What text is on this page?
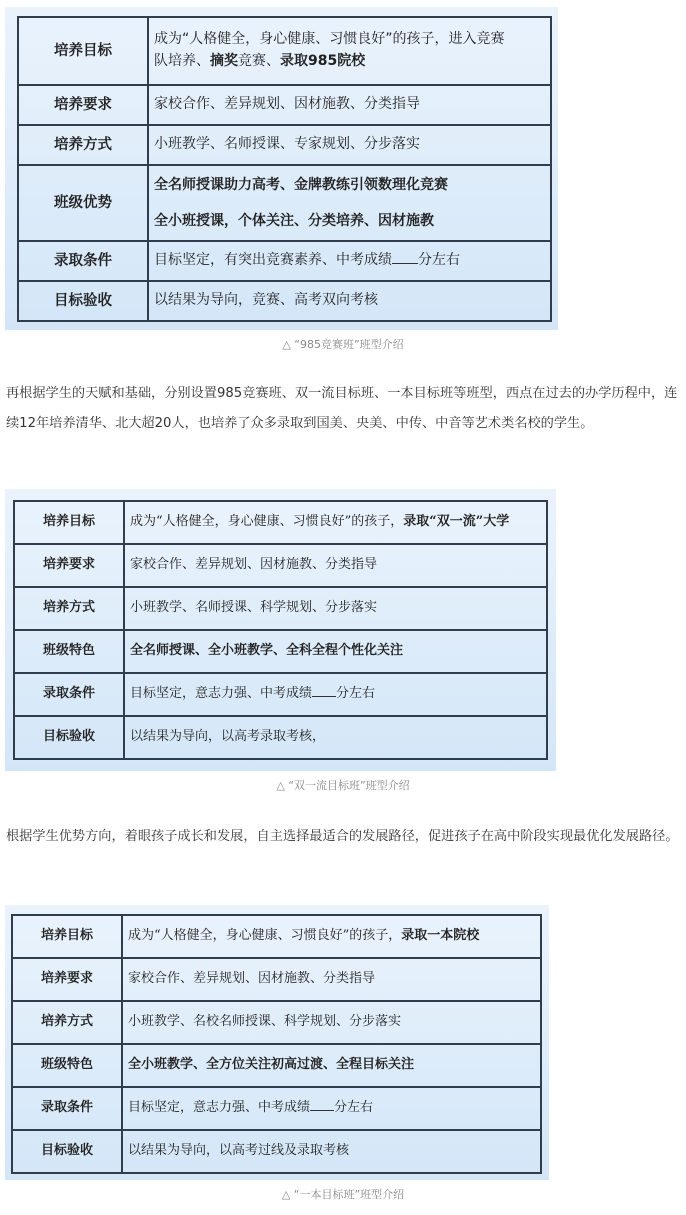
培养目标	成为“人格健全，身心健康、习惯良好”的孩子，进入竞赛
队培养、摘奖竞赛、录取985院校
培养要求	家校合作、差异规划、因材施教、分类指导
培养方式	小班教学、名师授课、专家规划、分步落实
班级优势	全名师授课助力高考、金牌教练引领数理化竞赛
全小班授课，个体关注、分类培养、因材施教
录取条件	目标坚定，有突出竞赛素养、中考成绩 分左右
目标验收	以结果为导向，竞赛、高考双向考核
△ “985竞赛班”班型介绍

再根据学生的天赋和基础，分别设置985竞赛班、双一流目标班、一本目标班等班型，西点在过去的办学历程中，连续12年培养清华、北大超20人，也培养了众多录取到国美、央美、中传、中音等艺术类名校的学生。

培养目标	成为“人格健全，身心健康、习惯良好”的孩子，录取“双一流”大学
培养要求	家校合作、差异规划、因材施教、分类指导
培养方式	小班教学、名师授课、科学规划、分步落实
班级特色	全名师授课、全小班教学、全科全程个性化关注
录取条件	目标坚定，意志力强、中考成绩 分左右
目标验收	以结果为导向，以高考录取考核，
△ “双一流目标班”班型介绍

根据学生优势方向，着眼孩子成长和发展，自主选择最适合的发展路径，促进孩子在高中阶段实现最优化发展路径。

培养目标	成为“人格健全，身心健康、习惯良好”的孩子，录取一本院校
培养要求	家校合作、差异规划、因材施教、分类指导
培养方式	小班教学、名校名师授课、科学规划、分步落实
班级特色	全小班教学、全方位关注初高过渡、全程目标关注
录取条件	目标坚定，意志力强、中考成绩 分左右
目标验收	以结果为导向，以高考过线及录取考核
△ “一本目标班”班型介绍
